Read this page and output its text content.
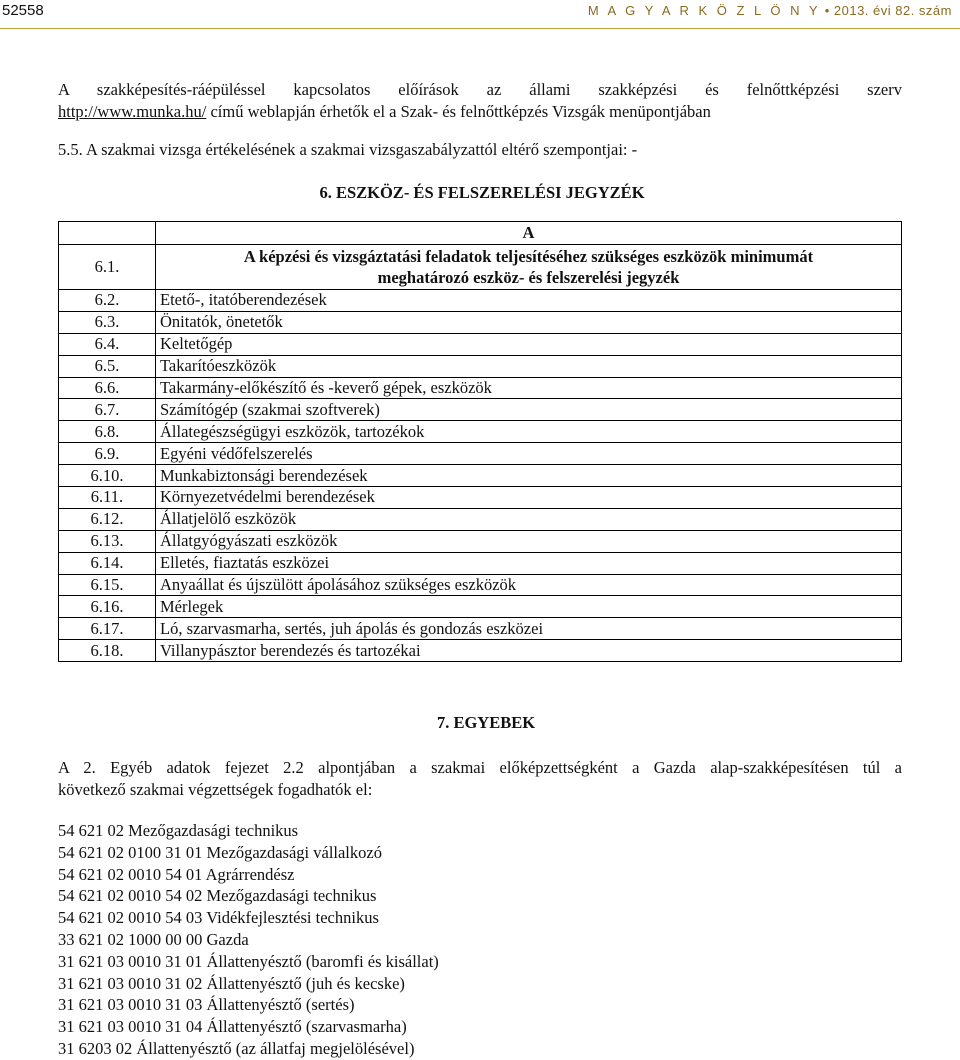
52558	M A G Y A R K Ö Z L Ö N Y • 2013. évi 82. szám
A szakképesítés-ráépüléssel kapcsolatos előírások az állami szakképzési és felnőttképzési szerv
http://www.munka.hu/ című weblapján érhetők el a Szak- és felnőttképzés Vizsgák menüpontjában
5.5. A szakmai vizsga értékelésének a szakmai vizsgaszabályzattól eltérő szempontjai: -
6. ESZKÖZ- ÉS FELSZERELÉSI JEGYZÉK
	A
6.1.	A képzési és vizsgáztatási feladatok teljesítéséhez szükséges eszközök minimumát
meghatározó eszköz- és felszerelési jegyzék

6.2.	Etető-, itatóberendezések
6.3.	Önitatók, önetetők
6.4.	Keltetőgép
6.5.	Takarítóeszközök
6.6.	Takarmány-előkészítő és -keverő gépek, eszközök
6.7.	Számítógép (szakmai szoftverek)
6.8.	Állategészségügyi eszközök, tartozékok
6.9.	Egyéni védőfelszerelés
6.10.	Munkabiztonsági berendezések
6.11.	Környezetvédelmi berendezések
6.12.	Állatjelölő eszközök
6.13.	Állatgyógyászati eszközök
6.14.	Elletés, fiaztatás eszközei
6.15.	Anyaállat és újszülött ápolásához szükséges eszközök
6.16.	Mérlegek
6.17.	Ló, szarvasmarha, sertés, juh ápolás és gondozás eszközei
6.18.	Villanypásztor berendezés és tartozékai
7. EGYEBEK
A 2. Egyéb adatok fejezet 2.2 alpontjában a szakmai előképzettségként a Gazda alap-szakképesítésen túl a
következő szakmai végzettségek fogadhatók el:
54 621 02 Mezőgazdasági technikus
54 621 02 0100 31 01 Mezőgazdasági vállalkozó
54 621 02 0010 54 01 Agrárrendész
54 621 02 0010 54 02 Mezőgazdasági technikus
54 621 02 0010 54 03 Vidékfejlesztési technikus
33 621 02 1000 00 00 Gazda
31 621 03 0010 31 01 Állattenyésztő (baromfi és kisállat)
31 621 03 0010 31 02 Állattenyésztő (juh és kecske)
31 621 03 0010 31 03 Állattenyésztő (sertés)
31 621 03 0010 31 04 Állattenyésztő (szarvasmarha)
31 6203 02 Állattenyésztő (az állatfaj megjelölésével)
